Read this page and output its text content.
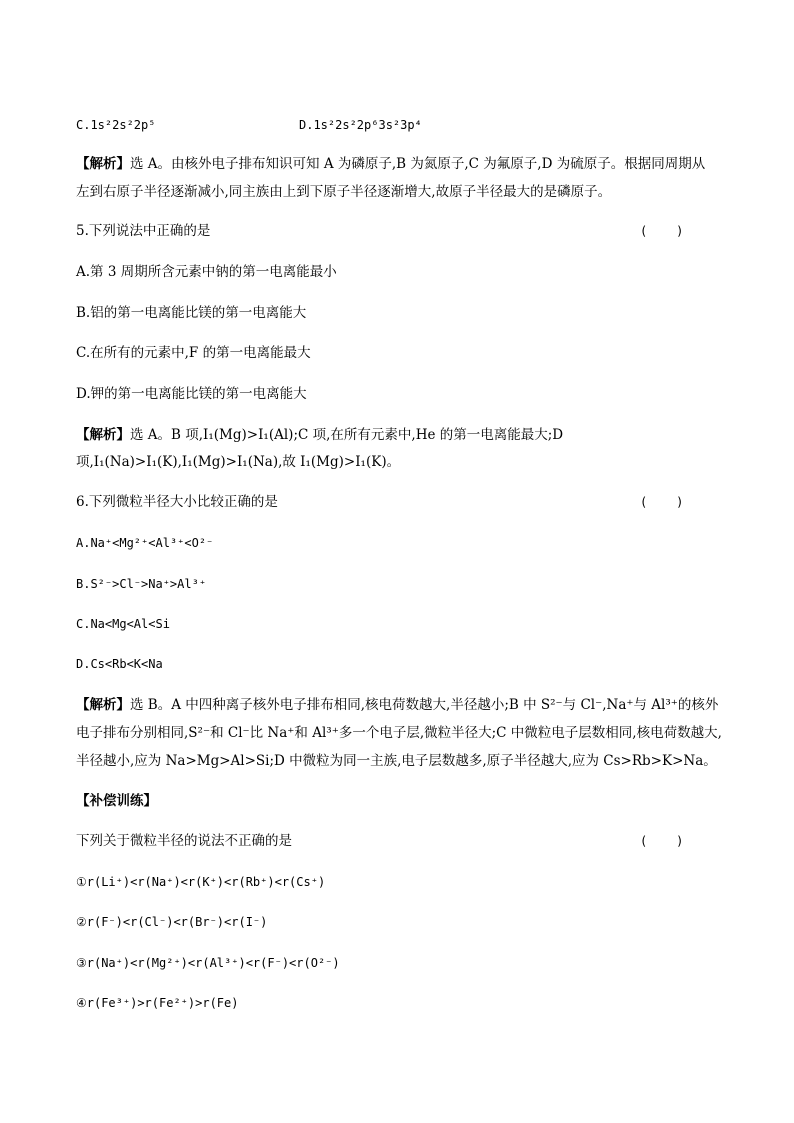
C.1s²2s²2p⁵	D.1s²2s²2p⁶3s²3p⁴
【解析】选 A。由核外电子排布知识可知 A 为磷原子,B 为氮原子,C 为氟原子,D 为硫原子。根据同周期从
左到右原子半径逐渐减小,同主族由上到下原子半径逐渐增大,故原子半径最大的是磷原子。
5.下列说法中正确的是	(    )
A.第 3 周期所含元素中钠的第一电离能最小
B.铝的第一电离能比镁的第一电离能大
C.在所有的元素中,F 的第一电离能最大
D.钾的第一电离能比镁的第一电离能大
【解析】选 A。B 项,I₁(Mg)>I₁(Al);C 项,在所有元素中,He 的第一电离能最大;D
项,I₁(Na)>I₁(K),I₁(Mg)>I₁(Na),故 I₁(Mg)>I₁(K)。
6.下列微粒半径大小比较正确的是	(    )
A.Na⁺<Mg²⁺<Al³⁺<O²⁻
B.S²⁻>Cl⁻>Na⁺>Al³⁺
C.Na<Mg<Al<Si
D.Cs<Rb<K<Na
【解析】选 B。A 中四种离子核外电子排布相同,核电荷数越大,半径越小;B 中 S²⁻与 Cl⁻,Na⁺与 Al³⁺的核外
电子排布分别相同,S²⁻和 Cl⁻比 Na⁺和 Al³⁺多一个电子层,微粒半径大;C 中微粒电子层数相同,核电荷数越大,
半径越小,应为 Na>Mg>Al>Si;D 中微粒为同一主族,电子层数越多,原子半径越大,应为 Cs>Rb>K>Na。
【补偿训练】
下列关于微粒半径的说法不正确的是	(    )
①r(Li⁺)<r(Na⁺)<r(K⁺)<r(Rb⁺)<r(Cs⁺)
②r(F⁻)<r(Cl⁻)<r(Br⁻)<r(I⁻)
③r(Na⁺)<r(Mg²⁺)<r(Al³⁺)<r(F⁻)<r(O²⁻)
④r(Fe³⁺)>r(Fe²⁺)>r(Fe)
